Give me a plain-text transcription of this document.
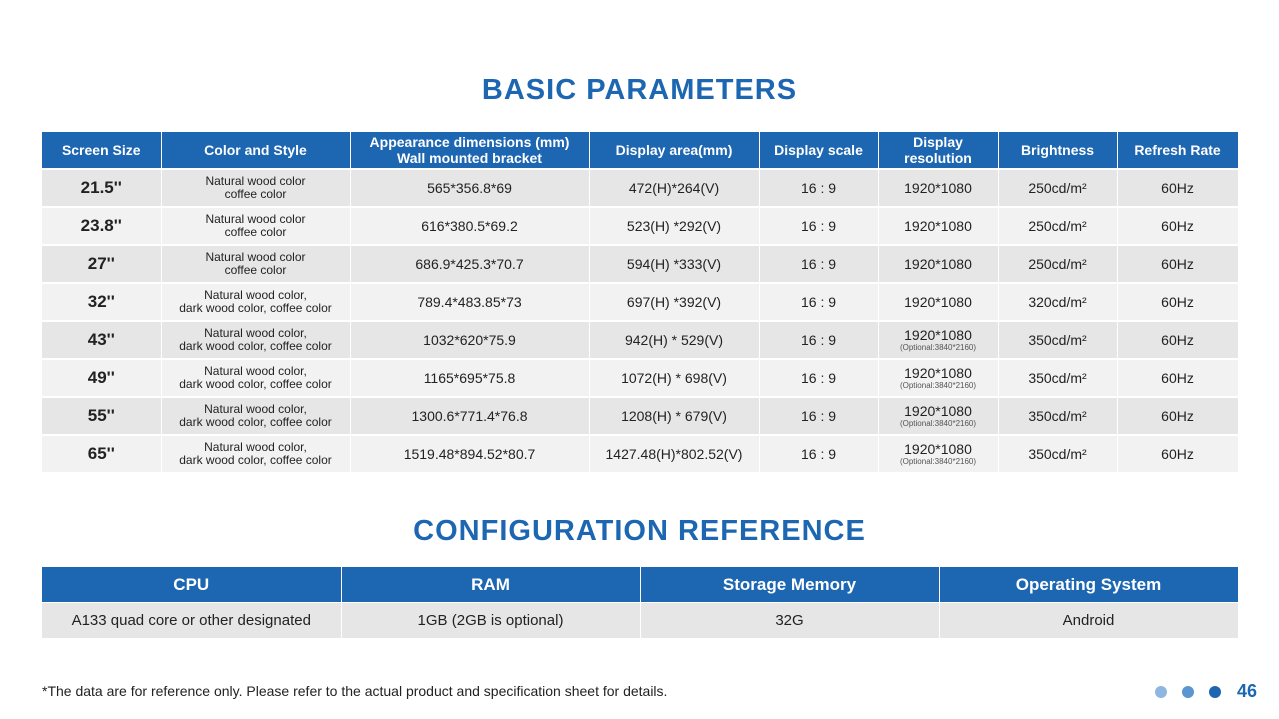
BASIC PARAMETERS
Screen Size	Color and Style	Appearance dimensions (mm)
Wall mounted bracket	Display area(mm)	Display scale	Display
resolution	Brightness	Refresh Rate
21.5''	Natural wood color
coffee color	565*356.8*69	472(H)*264(V)	16 : 9	1920*1080	250cd/m²	60Hz
23.8''	Natural wood color
coffee color	616*380.5*69.2	523(H) *292(V)	16 : 9	1920*1080	250cd/m²	60Hz
27''	Natural wood color
coffee color	686.9*425.3*70.7	594(H) *333(V)	16 : 9	1920*1080	250cd/m²	60Hz
32''	Natural wood color,
dark wood color, coffee color	789.4*483.85*73	697(H) *392(V)	16 : 9	1920*1080	320cd/m²	60Hz
43''	Natural wood color,
dark wood color, coffee color	1032*620*75.9	942(H) * 529(V)	16 : 9	1920*1080
(Optional:3840*2160)	350cd/m²	60Hz
49''	Natural wood color,
dark wood color, coffee color	1165*695*75.8	1072(H) * 698(V)	16 : 9	1920*1080
(Optional:3840*2160)	350cd/m²	60Hz
55''	Natural wood color,
dark wood color, coffee color	1300.6*771.4*76.8	1208(H) * 679(V)	16 : 9	1920*1080
(Optional:3840*2160)	350cd/m²	60Hz
65''	Natural wood color,
dark wood color, coffee color	1519.48*894.52*80.7	1427.48(H)*802.52(V)	16 : 9	1920*1080
(Optional:3840*2160)	350cd/m²	60Hz
CONFIGURATION REFERENCE
CPU	RAM	Storage Memory	Operating System
A133 quad core or other designated	1GB (2GB is optional)	32G	Android
*The data are for reference only. Please refer to the actual product and specification sheet for details.	46
